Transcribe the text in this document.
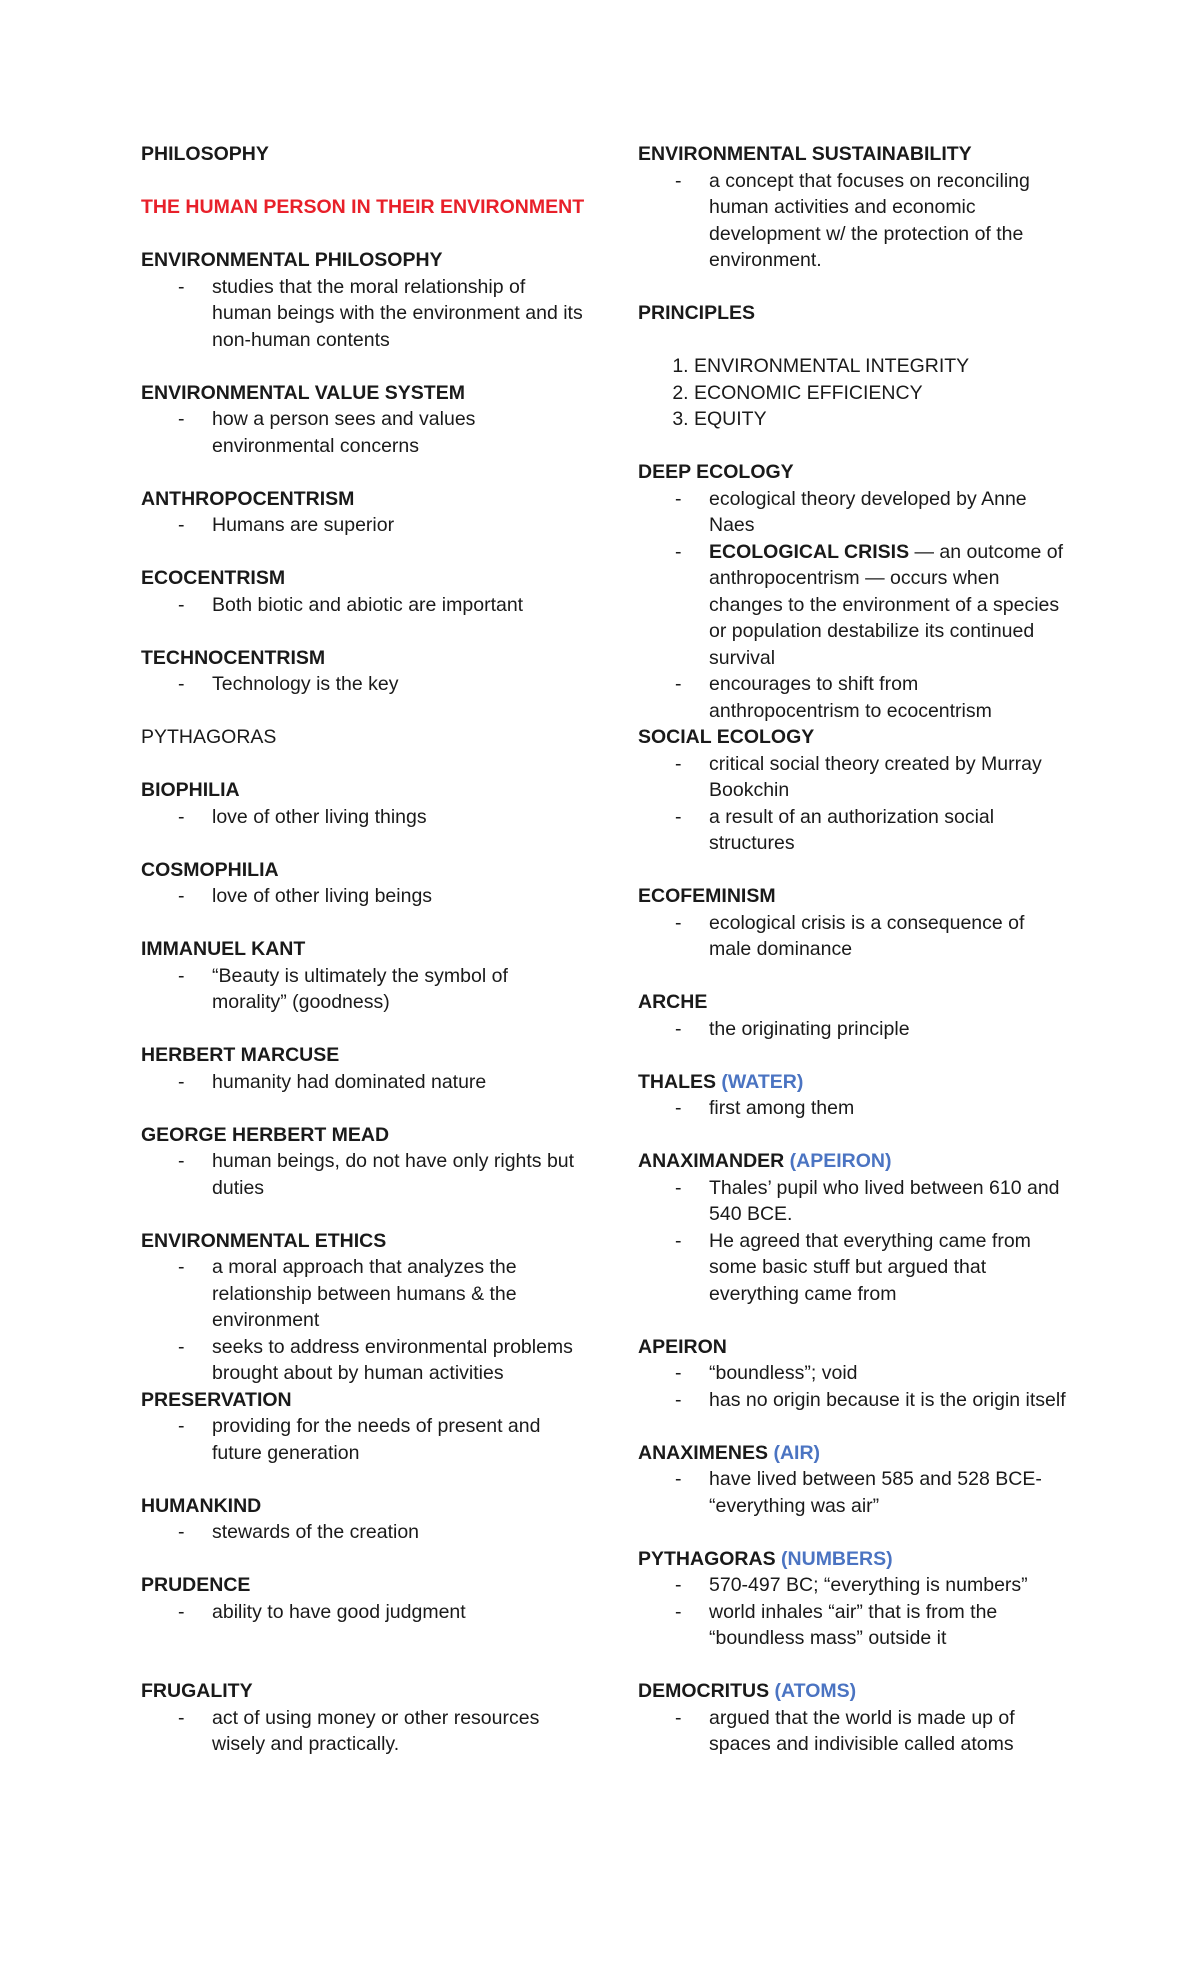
PHILOSOPHY
THE HUMAN PERSON IN THEIR ENVIRONMENT
ENVIRONMENTAL PHILOSOPHY
- studies that the moral relationship of human beings with the environment and its non-human contents
ENVIRONMENTAL VALUE SYSTEM
- how a person sees and values environmental concerns
ANTHROPOCENTRISM
- Humans are superior
ECOCENTRISM
- Both biotic and abiotic are important
TECHNOCENTRISM
- Technology is the key
PYTHAGORAS
BIOPHILIA
- love of other living things
COSMOPHILIA
- love of other living beings
IMMANUEL KANT
- “Beauty is ultimately the symbol of morality” (goodness)
HERBERT MARCUSE
- humanity had dominated nature
GEORGE HERBERT MEAD
- human beings, do not have only rights but duties
ENVIRONMENTAL ETHICS
- a moral approach that analyzes the relationship between humans & the environment
- seeks to address environmental problems brought about by human activities
PRESERVATION
- providing for the needs of present and future generation
HUMANKIND
- stewards of the creation
PRUDENCE
- ability to have good judgment
FRUGALITY
- act of using money or other resources wisely and practically.
ENVIRONMENTAL SUSTAINABILITY
- a concept that focuses on reconciling human activities and economic development w/ the protection of the environment.
PRINCIPLES
1. ENVIRONMENTAL INTEGRITY
2. ECONOMIC EFFICIENCY
3. EQUITY
DEEP ECOLOGY
- ecological theory developed by Anne Naes
- ECOLOGICAL CRISIS — an outcome of anthropocentrism — occurs when changes to the environment of a species or population destabilize its continued survival
- encourages to shift from anthropocentrism to ecocentrism
SOCIAL ECOLOGY
- critical social theory created by Murray Bookchin
- a result of an authorization social structures
ECOFEMINISM
- ecological crisis is a consequence of male dominance
ARCHE
- the originating principle
THALES (WATER)
- first among them
ANAXIMANDER (APEIRON)
- Thales’ pupil who lived between 610 and 540 BCE.
- He agreed that everything came from some basic stuff but argued that everything came from
APEIRON
- “boundless”; void
- has no origin because it is the origin itself
ANAXIMENES (AIR)
- have lived between 585 and 528 BCE- “everything was air”
PYTHAGORAS (NUMBERS)
- 570-497 BC; “everything is numbers”
- world inhales “air” that is from the “boundless mass” outside it
DEMOCRITUS (ATOMS)
- argued that the world is made up of spaces and indivisible called atoms
